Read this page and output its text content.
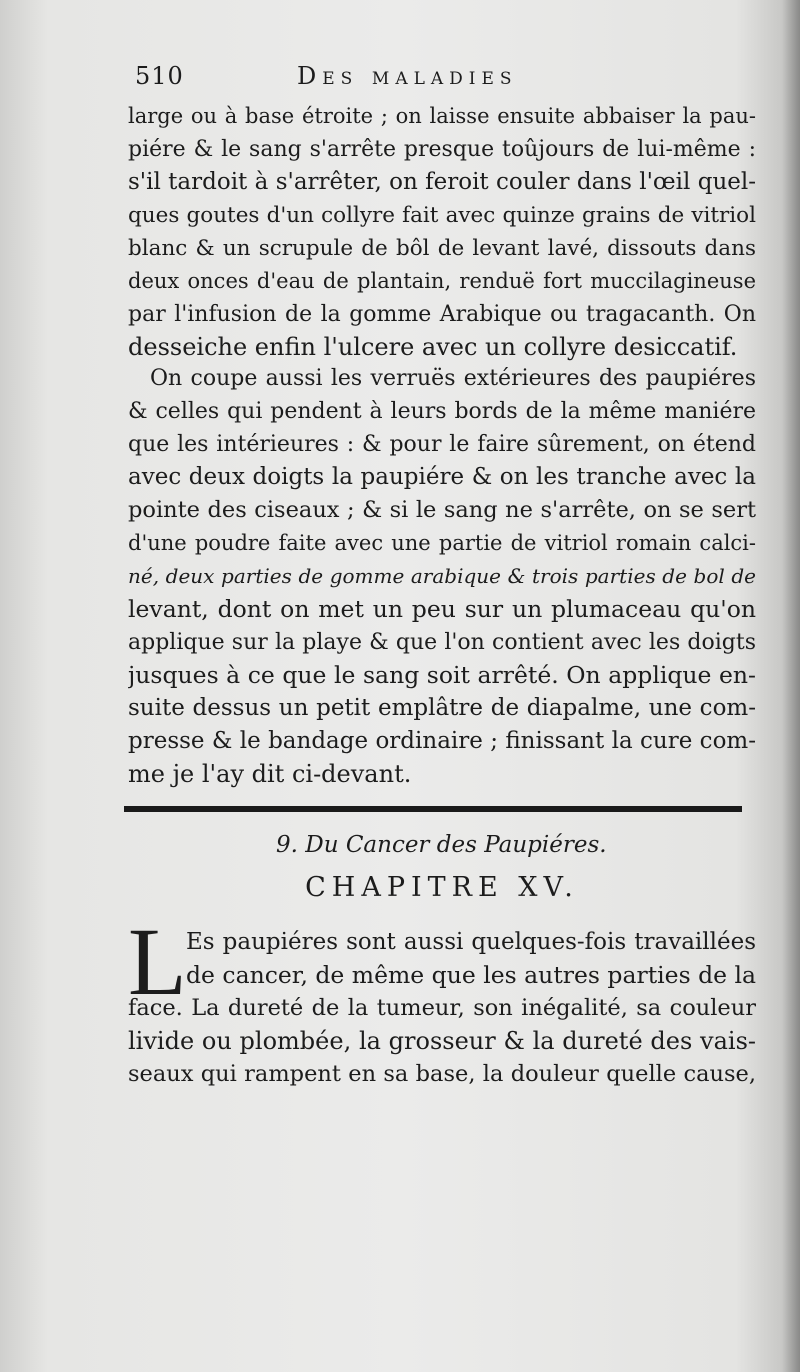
510	Des maladies
large ou à base étroite ; on laisse ensuite abbaiser la pau-
piére & le sang s'arrête presque toûjours de lui-même :
s'il tardoit à s'arrêter, on feroit couler dans l'œil quel-
ques goutes d'un collyre fait avec quinze grains de vitriol
blanc & un scrupule de bôl de levant lavé, dissouts dans
deux onces d'eau de plantain, renduë fort muccilagineuse
par l'infusion de la gomme Arabique ou tragacanth. On
desseiche enfin l'ulcere avec un collyre desiccatif.
On coupe aussi les verruës extérieures des paupiéres
& celles qui pendent à leurs bords de la même maniére
que les intérieures : & pour le faire sûrement, on étend
avec deux doigts la paupiére & on les tranche avec la
pointe des ciseaux ; & si le sang ne s'arrête, on se sert
d'une poudre faite avec une partie de vitriol romain calci-
né, deux parties de gomme arabique & trois parties de bol de
levant, dont on met un peu sur un plumaceau qu'on
applique sur la playe & que l'on contient avec les doigts
jusques à ce que le sang soit arrêté. On applique en-
suite dessus un petit emplâtre de diapalme, une com-
presse & le bandage ordinaire ; finissant la cure com-
me je l'ay dit ci-devant.
9. Du Cancer des Paupiéres.
CHAPITRE XV.
L Es paupiéres sont aussi quelques-fois travaillées
de cancer, de même que les autres parties de la
face. La dureté de la tumeur, son inégalité, sa couleur
livide ou plombée, la grosseur & la dureté des vais-
seaux qui rampent en sa base, la douleur quelle cause,
